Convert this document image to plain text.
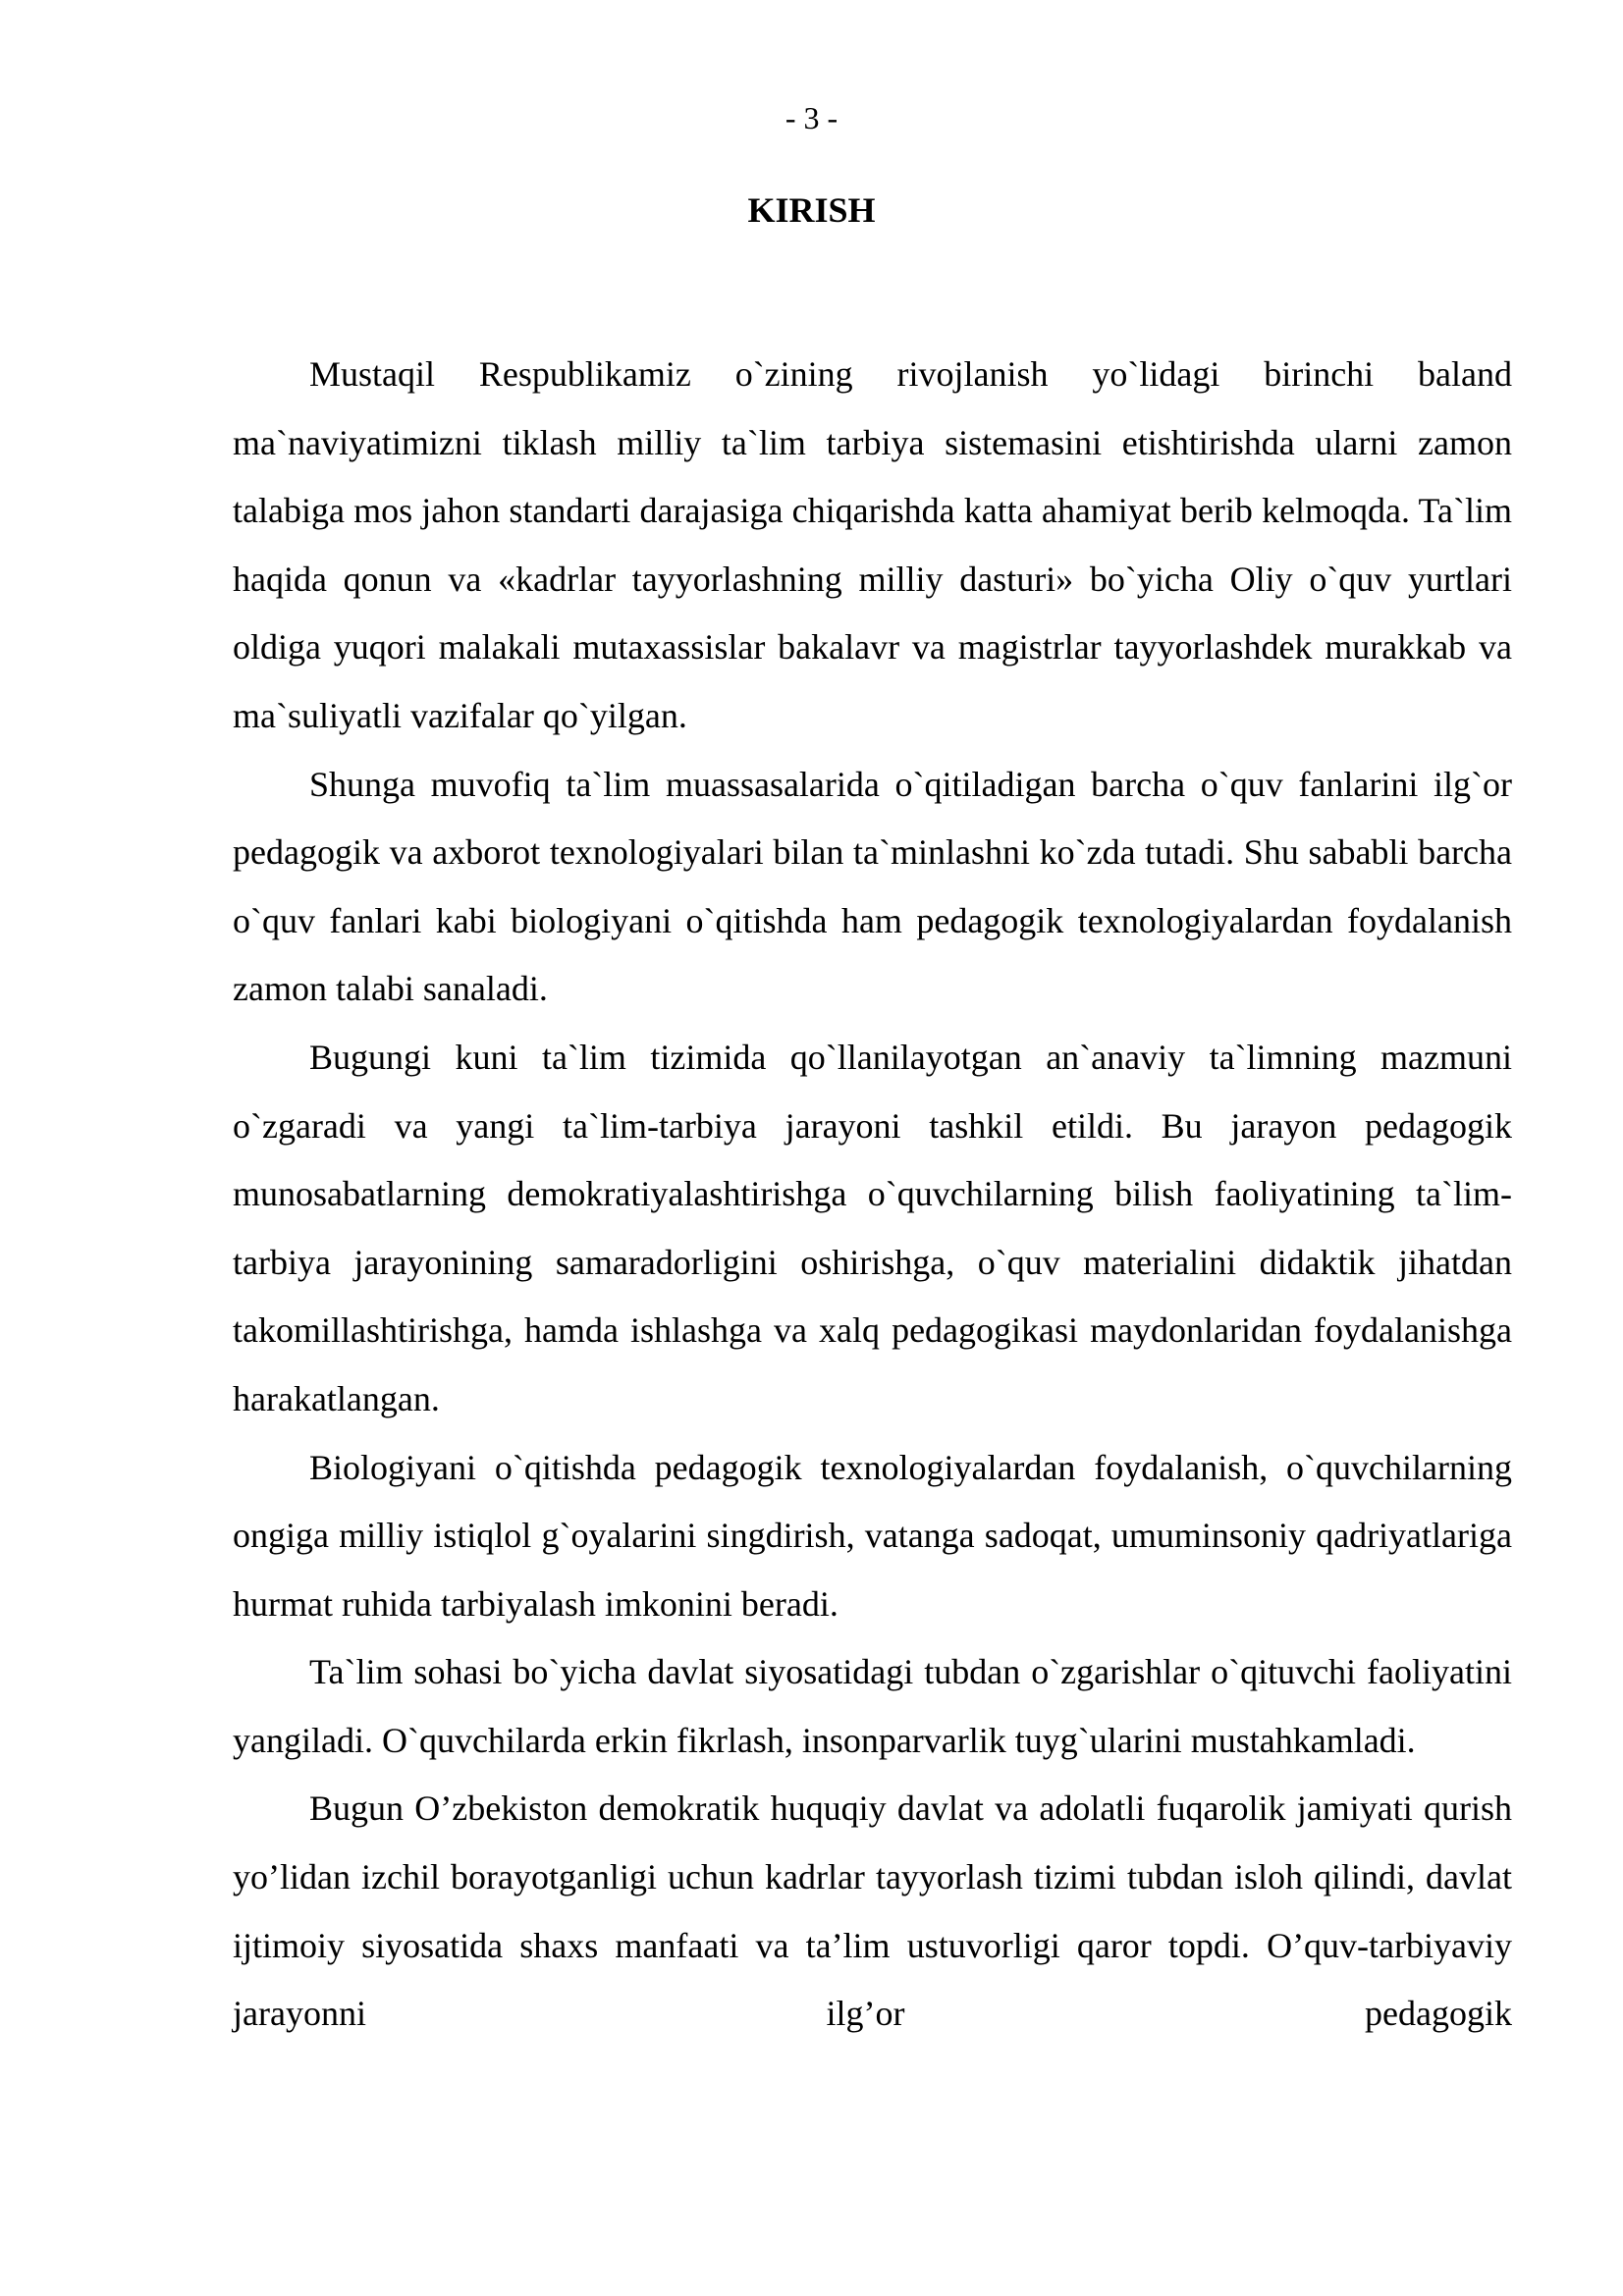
- 3 -
KIRISH

Mustaqil Respublikamiz o`zining rivojlanish yo`lidagi birinchi baland ma`naviyatimizni tiklash milliy ta`lim tarbiya sistemasini etishtirishda ularni zamon talabiga mos jahon standarti darajasiga chiqarishda katta ahamiyat berib kelmoqda. Ta`lim haqida qonun va «kadrlar tayyorlashning milliy dasturi» bo`yicha Oliy o`quv yurtlari oldiga yuqori malakali mutaxassislar bakalavr va magistrlar tayyorlashdek murakkab va ma`suliyatli vazifalar qo`yilgan.

Shunga muvofiq ta`lim muassasalarida o`qitiladigan barcha o`quv fanlarini ilg`or pedagogik va axborot texnologiyalari bilan ta`minlashni ko`zda tutadi. Shu sababli barcha o`quv fanlari kabi biologiyani o`qitishda ham pedagogik texnologiyalardan foydalanish zamon talabi sanaladi.

Bugungi kuni ta`lim tizimida qo`llanilayotgan an`anaviy ta`limning mazmuni o`zgaradi va yangi ta`lim-tarbiya jarayoni tashkil etildi. Bu jarayon pedagogik munosabatlarning demokratiyalashtirishga o`quvchilarning bilish faoliyatining ta`lim-tarbiya jarayonining samaradorligini oshirishga, o`quv materialini didaktik jihatdan takomillashtirishga, hamda ishlashga va xalq pedagogikasi maydonlaridan foydalanishga harakatlangan.

Biologiyani o`qitishda pedagogik texnologiyalardan foydalanish, o`quvchilarning ongiga milliy istiqlol g`oyalarini singdirish, vatanga sadoqat, umuminsoniy qadriyatlariga hurmat ruhida tarbiyalash imkonini beradi.

Ta`lim sohasi bo`yicha davlat siyosatidagi tubdan o`zgarishlar o`qituvchi faoliyatini yangiladi. O`quvchilarda erkin fikrlash, insonparvarlik tuyg`ularini mustahkamladi.

Bugun O’zbekiston demokratik huquqiy davlat va adolatli fuqarolik jamiyati qurish yo’lidan izchil borayotganligi uchun kadrlar tayyorlash tizimi tubdan isloh qilindi, davlat ijtimoiy siyosatida shaxs manfaati va ta’lim ustuvorligi qaror topdi. O’quv-tarbiyaviy jarayonni ilg’or pedagogik
